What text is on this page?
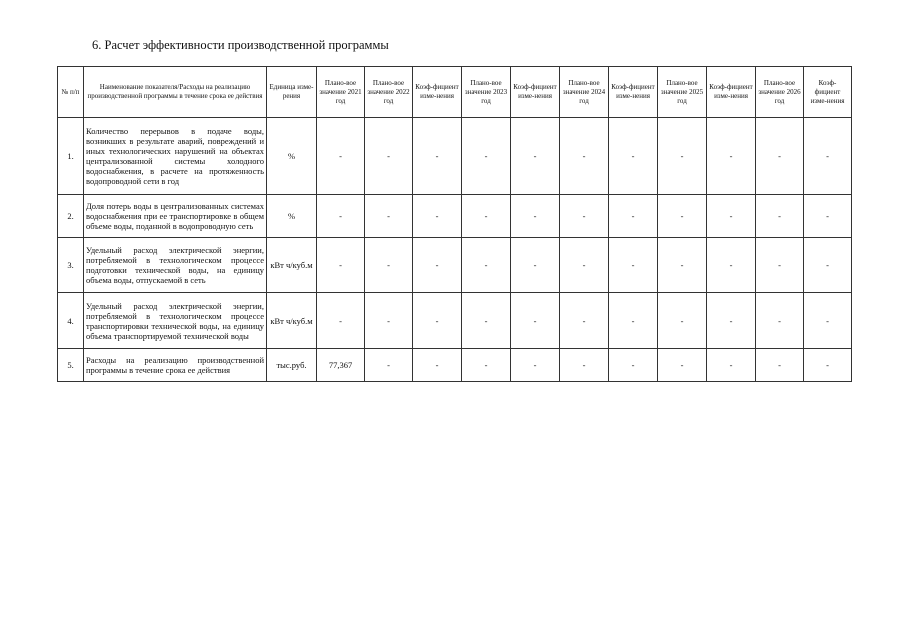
6. Расчет эффективности производственной программы
№ п/п	Наименование показателя/Расходы на реализацию производственной программы в течение срока ее действия	Единица изме-рения	Плано-вое значение 2021 год	Плано-вое значение 2022 год	Коэф-фициент изме-нения	Плано-вое значение 2023 год	Коэф-фициент изме-нения	Плано-вое значение 2024 год	Коэф-фициент изме-нения	Плано-вое значение 2025 год	Коэф-фициент изме-нения	Плано-вое значение 2026 год	Коэф-фициент изме-нения
1.	Количество перерывов в подаче воды, возникших в результате аварий, повреждений и иных технологических нарушений на объектах централизованной системы холодного водоснабжения, в расчете на протяженность водопроводной сети в год	%	-	-	-	-	-	-	-	-	-	-	-
2.	Доля потерь воды в централизованных системах водоснабжения при ее транспортировке в общем объеме воды, поданной в водопроводную сеть	%	-	-	-	-	-	-	-	-	-	-	-
3.	Удельный расход электрической энергии, потребляемой в технологическом процессе подготовки технической воды, на единицу объема воды, отпускаемой в сеть	кВт ч/куб.м	-	-	-	-	-	-	-	-	-	-	-
4.	Удельный расход электрической энергии, потребляемой в технологическом процессе транспортировки технической воды, на единицу объема транспортируемой технической воды	кВт ч/куб.м	-	-	-	-	-	-	-	-	-	-	-
5.	Расходы на реализацию производственной программы в течение срока ее действия	тыс.руб.	77,367	-	-	-	-	-	-	-	-	-	-
